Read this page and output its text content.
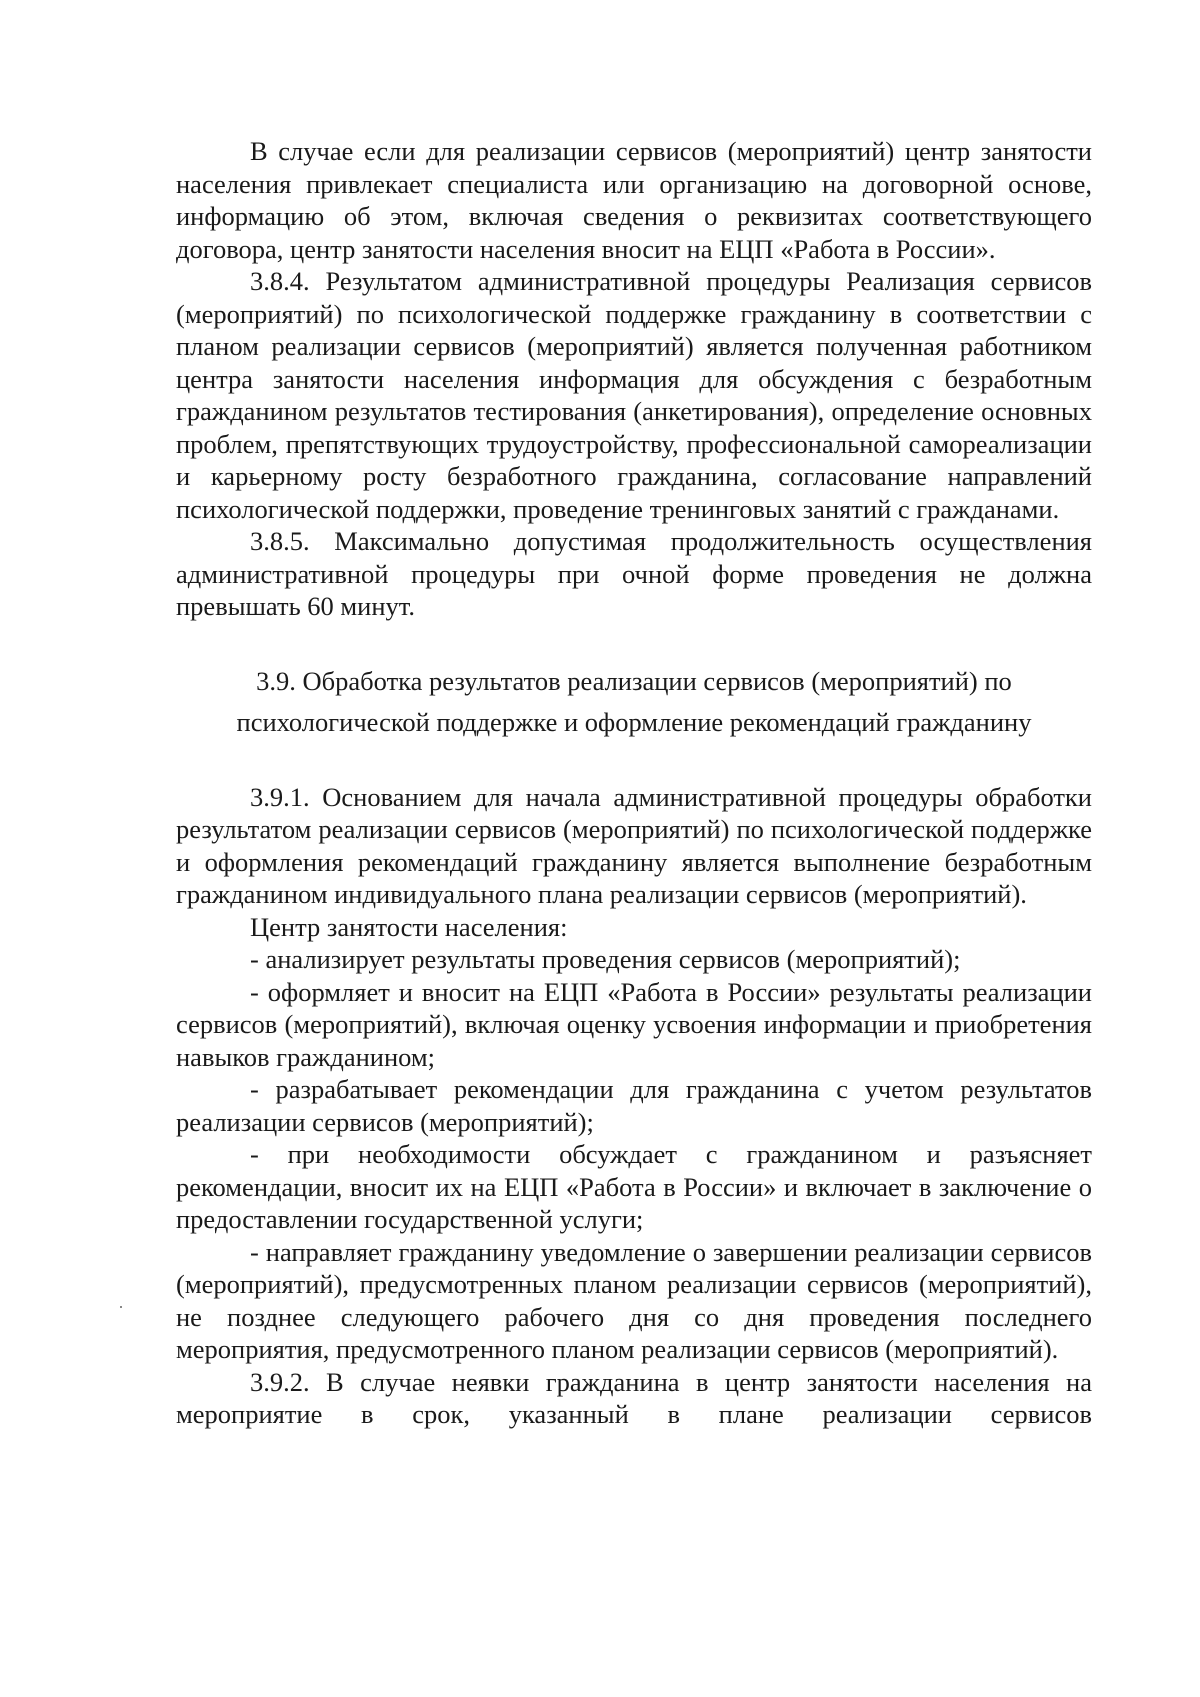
В случае если для реализации сервисов (мероприятий) центр занятости населения привлекает специалиста или организацию на договорной основе, информацию об этом, включая сведения о реквизитах соответствующего договора, центр занятости населения вносит на ЕЦП «Работа в России».

3.8.4. Результатом административной процедуры Реализация сервисов (мероприятий) по психологической поддержке гражданину в соответствии с планом реализации сервисов (мероприятий) является полученная работником центра занятости населения информация для обсуждения с безработным гражданином результатов тестирования (анкетирования), определение основных проблем, препятствующих трудоустройству, профессиональной самореализации и карьерному росту безработного гражданина, согласование направлений психологической поддержки, проведение тренинговых занятий с гражданами.

3.8.5. Максимально допустимая продолжительность осуществления административной процедуры при очной форме проведения не должна превышать 60 минут.

3.9. Обработка результатов реализации сервисов (мероприятий) по
психологической поддержке и оформление рекомендаций гражданину

3.9.1. Основанием для начала административной процедуры обработки результатом реализации сервисов (мероприятий) по психологической поддержке и оформления рекомендаций гражданину является выполнение безработным гражданином индивидуального плана реализации сервисов (мероприятий).

Центр занятости населения:

- анализирует результаты проведения сервисов (мероприятий);

- оформляет и вносит на ЕЦП «Работа в России» результаты реализации сервисов (мероприятий), включая оценку усвоения информации и приобретения навыков гражданином;

- разрабатывает рекомендации для гражданина с учетом результатов реализации сервисов (мероприятий);

- при необходимости обсуждает с гражданином и разъясняет рекомендации, вносит их на ЕЦП «Работа в России» и включает в заключение о предоставлении государственной услуги;

- направляет гражданину уведомление о завершении реализации сервисов (мероприятий), предусмотренных планом реализации сервисов (мероприятий), не позднее следующего рабочего дня со дня проведения последнего мероприятия, предусмотренного планом реализации сервисов (мероприятий).

3.9.2. В случае неявки гражданина в центр занятости населения на мероприятие в срок, указанный в плане реализации сервисов
